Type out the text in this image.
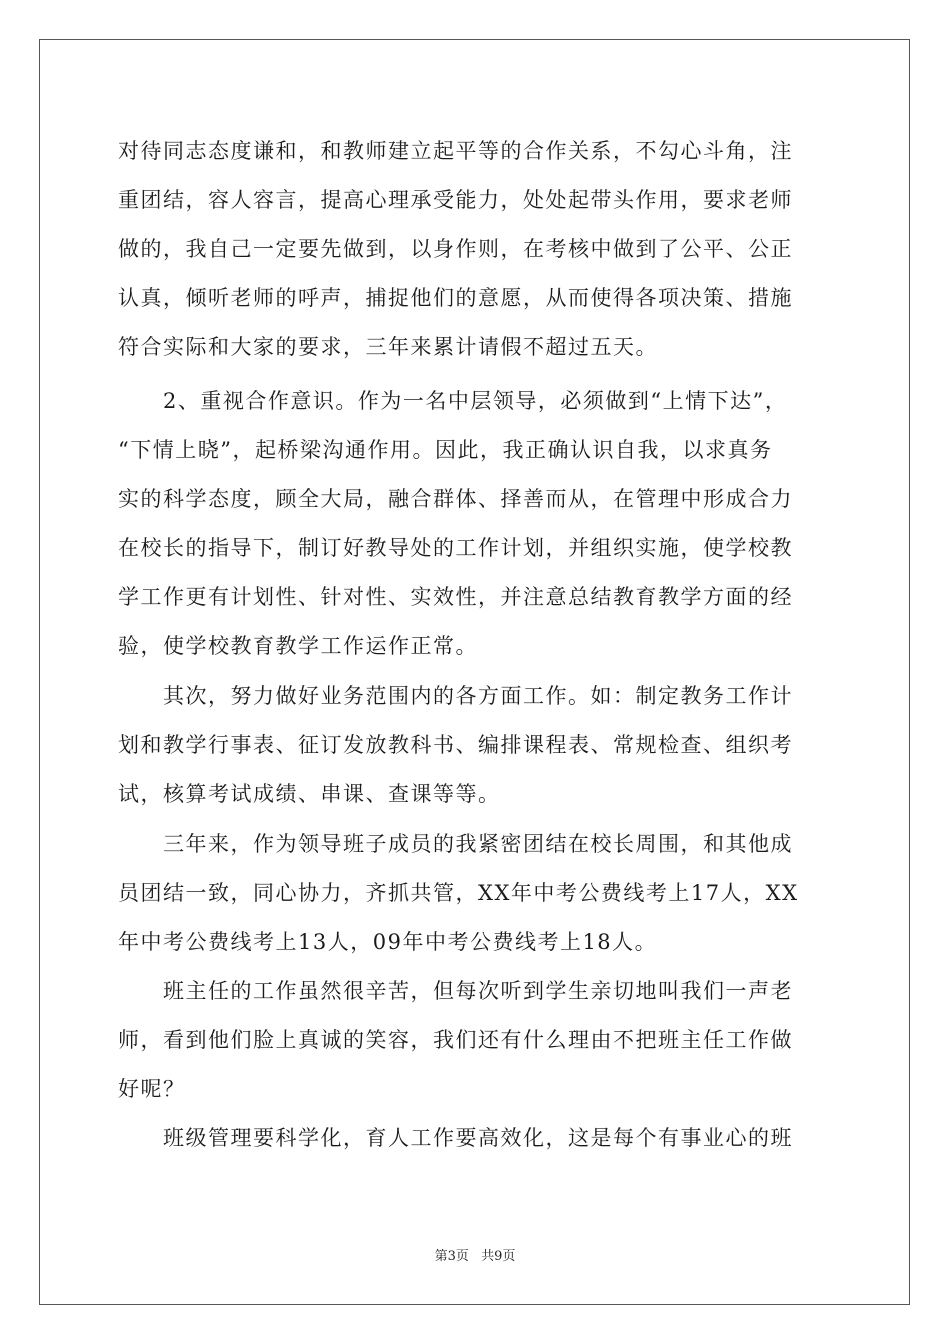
对待同志态度谦和，和教师建立起平等的合作关系，不勾心斗角，注
重团结，容人容言，提高心理承受能力，处处起带头作用，要求老师
做的，我自己一定要先做到，以身作则，在考核中做到了公平、公正
认真，倾听老师的呼声，捕捉他们的意愿，从而使得各项决策、措施
符合实际和大家的要求，三年来累计请假不超过五天。
　　2、重视合作意识。作为一名中层领导，必须做到“上情下达”，
“下情上晓”，起桥梁沟通作用。因此，我正确认识自我，以求真务
实的科学态度，顾全大局，融合群体、择善而从，在管理中形成合力
在校长的指导下，制订好教导处的工作计划，并组织实施，使学校教
学工作更有计划性、针对性、实效性，并注意总结教育教学方面的经
验，使学校教育教学工作运作正常。
　　其次，努力做好业务范围内的各方面工作。如：制定教务工作计
划和教学行事表、征订发放教科书、编排课程表、常规检查、组织考
试，核算考试成绩、串课、查课等等。
　　三年来，作为领导班子成员的我紧密团结在校长周围，和其他成
员团结一致，同心协力，齐抓共管，XX年中考公费线考上17人，XX
年中考公费线考上13人，09年中考公费线考上18人。
　　班主任的工作虽然很辛苦，但每次听到学生亲切地叫我们一声老
师，看到他们脸上真诚的笑容，我们还有什么理由不把班主任工作做
好呢？
　　班级管理要科学化，育人工作要高效化，这是每个有事业心的班
第3页 共9页
